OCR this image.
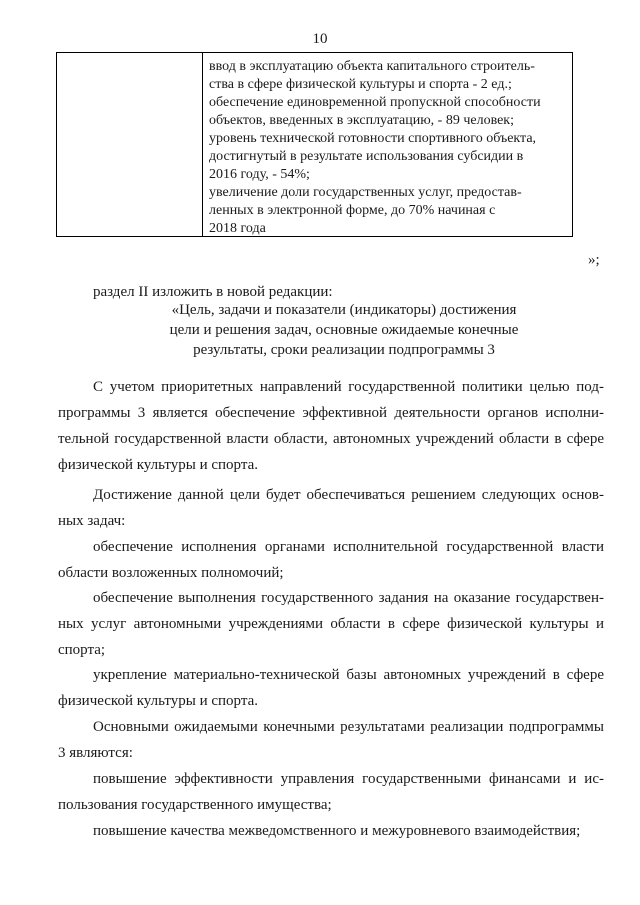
10
ввод в эксплуатацию объекта капитального строитель-
ства в сфере физической культуры и спорта - 2 ед.;
обеспечение единовременной пропускной способности
объектов, введенных в эксплуатацию, - 89 человек;
уровень технической готовности спортивного объекта,
достигнутый в результате использования субсидии в
2016 году, - 54%;
увеличение доли государственных услуг, предостав-
ленных в электронной форме, до 70% начиная с
2018 года
»;
раздел II изложить в новой редакции:
«Цель, задачи и показатели (индикаторы) достижения
цели и решения задач, основные ожидаемые конечные
результаты, сроки реализации подпрограммы 3
С учетом приоритетных направлений государственной политики целью под-
программы 3 является обеспечение эффективной деятельности органов исполни-
тельной государственной власти области, автономных учреждений области в сфере
физической культуры и спорта.
Достижение данной цели будет обеспечиваться решением следующих основ-
ных задач:
обеспечение исполнения органами исполнительной государственной власти
области возложенных полномочий;
обеспечение выполнения государственного задания на оказание государствен-
ных услуг автономными учреждениями области в сфере физической культуры и
спорта;
укрепление материально-технической базы автономных учреждений в сфере
физической культуры и спорта.
Основными ожидаемыми конечными результатами реализации подпрограммы
3 являются:
повышение эффективности управления государственными финансами и ис-
пользования государственного имущества;
повышение качества межведомственного и межуровневого взаимодействия;
